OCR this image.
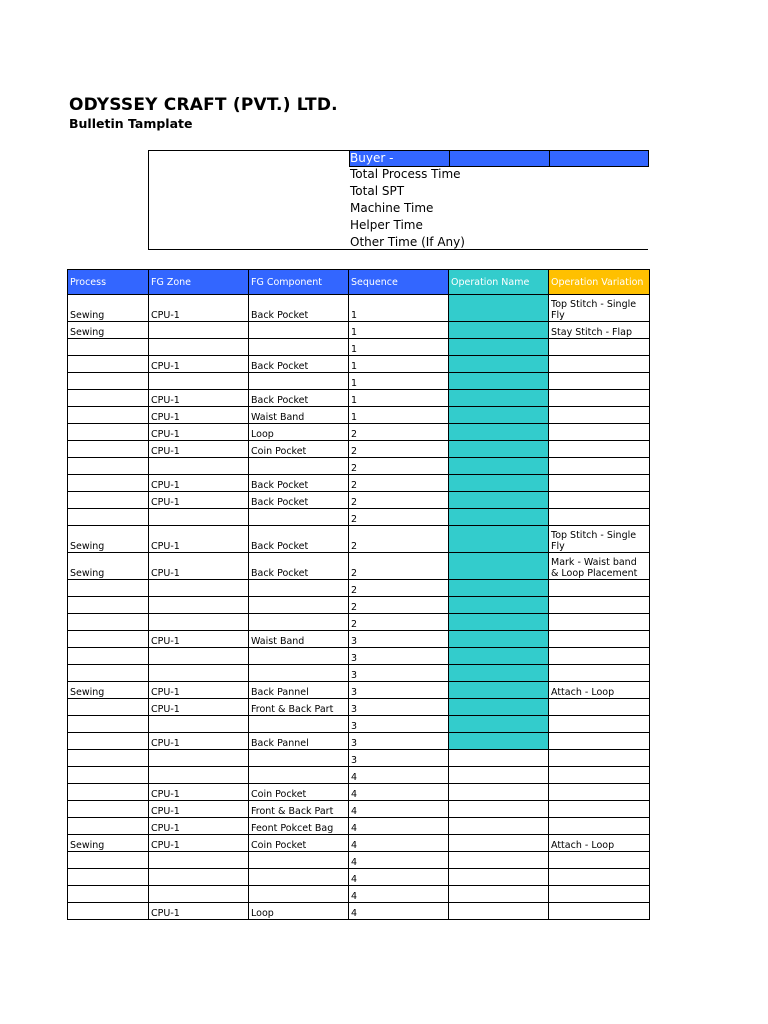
ODYSSEY CRAFT (PVT.) LTD.
Bulletin Tamplate
Buyer -
Total Process Time
Total SPT
Machine Time
Helper Time
Other Time (If Any)
Process	FG Zone	FG Component	Sequence	Operation Name	Operation Variation
Sewing	CPU-1	Back Pocket	1		Top Stitch - Single Fly
Sewing			1		Stay Stitch - Flap
			1		
	CPU-1	Back Pocket	1		
			1		
	CPU-1	Back Pocket	1		
	CPU-1	Waist Band	1		
	CPU-1	Loop	2		
	CPU-1	Coin Pocket	2		
			2		
	CPU-1	Back Pocket	2		
	CPU-1	Back Pocket	2		
			2		
Sewing	CPU-1	Back Pocket	2		Top Stitch - Single Fly
Sewing	CPU-1	Back Pocket	2		Mark - Waist band & Loop Placement
			2		
			2		
			2		
	CPU-1	Waist Band	3		
			3		
			3		
Sewing	CPU-1	Back Pannel	3		Attach - Loop
	CPU-1	Front & Back Part	3		
			3		
	CPU-1	Back Pannel	3		
			3		
			4		
	CPU-1	Coin Pocket	4		
	CPU-1	Front & Back Part	4		
	CPU-1	Feont Pokcet Bag	4		
Sewing	CPU-1	Coin Pocket	4		Attach - Loop
			4		
			4		
			4		
	CPU-1	Loop	4		
